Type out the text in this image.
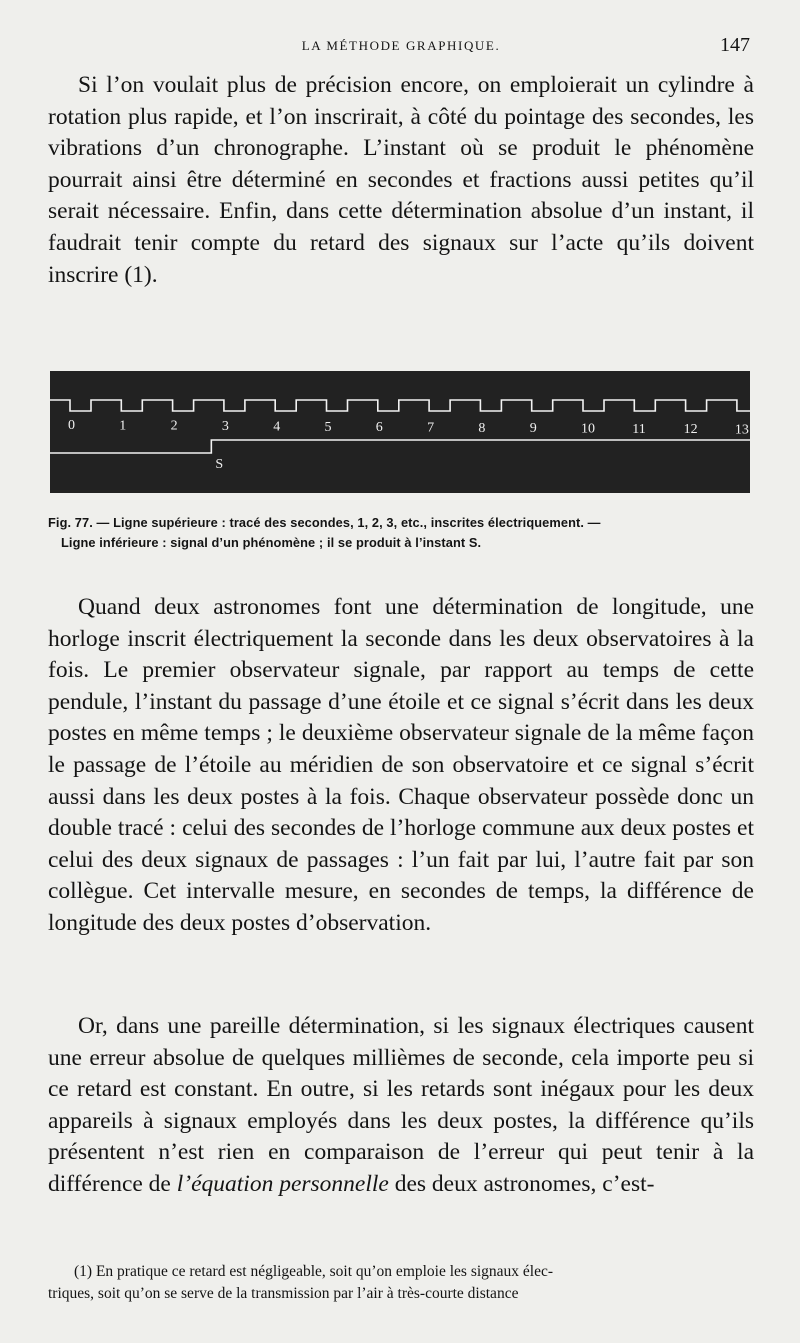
LA MÉTHODE GRAPHIQUE.	147

Si l’on voulait plus de précision encore, on emploierait un cylindre à rotation plus rapide, et l’on inscrirait, à côté du pointage des secondes, les vibrations d’un chronographe. L’instant où se produit le phénomène pourrait ainsi être déterminé en secondes et fractions aussi petites qu’il serait nécessaire. Enfin, dans cette détermination absolue d’un instant, il faudrait tenir compte du retard des signaux sur l’acte qu’ils doivent inscrire (1).

0	1	2	3	4	5	6	7	8	9	10	11	12	13
S
Fig. 77. — Ligne supérieure : tracé des secondes, 1, 2, 3, etc., inscrites électriquement. —
Ligne inférieure : signal d’un phénomène ; il se produit à l’instant S.

Quand deux astronomes font une détermination de longitude, une horloge inscrit électriquement la seconde dans les deux observatoires à la fois. Le premier observateur signale, par rapport au temps de cette pendule, l’instant du passage d’une étoile et ce signal s’écrit dans les deux postes en même temps ; le deuxième observateur signale de la même façon le passage de l’étoile au méridien de son observatoire et ce signal s’écrit aussi dans les deux postes à la fois. Chaque observateur possède donc un double tracé : celui des secondes de l’horloge commune aux deux postes et celui des deux signaux de passages : l’un fait par lui, l’autre fait par son collègue. Cet intervalle mesure, en secondes de temps, la différence de longitude des deux postes d’observation.

Or, dans une pareille détermination, si les signaux électriques causent une erreur absolue de quelques millièmes de seconde, cela importe peu si ce retard est constant. En outre, si les retards sont inégaux pour les deux appareils à signaux employés dans les deux postes, la différence qu’ils présentent n’est rien en comparaison de l’erreur qui peut tenir à la différence de l’équation personnelle des deux astronomes, c’est-

(1) En pratique ce retard est négligeable, soit qu’on emploie les signaux élec-
triques, soit qu’on se serve de la transmission par l’air à très-courte distance
